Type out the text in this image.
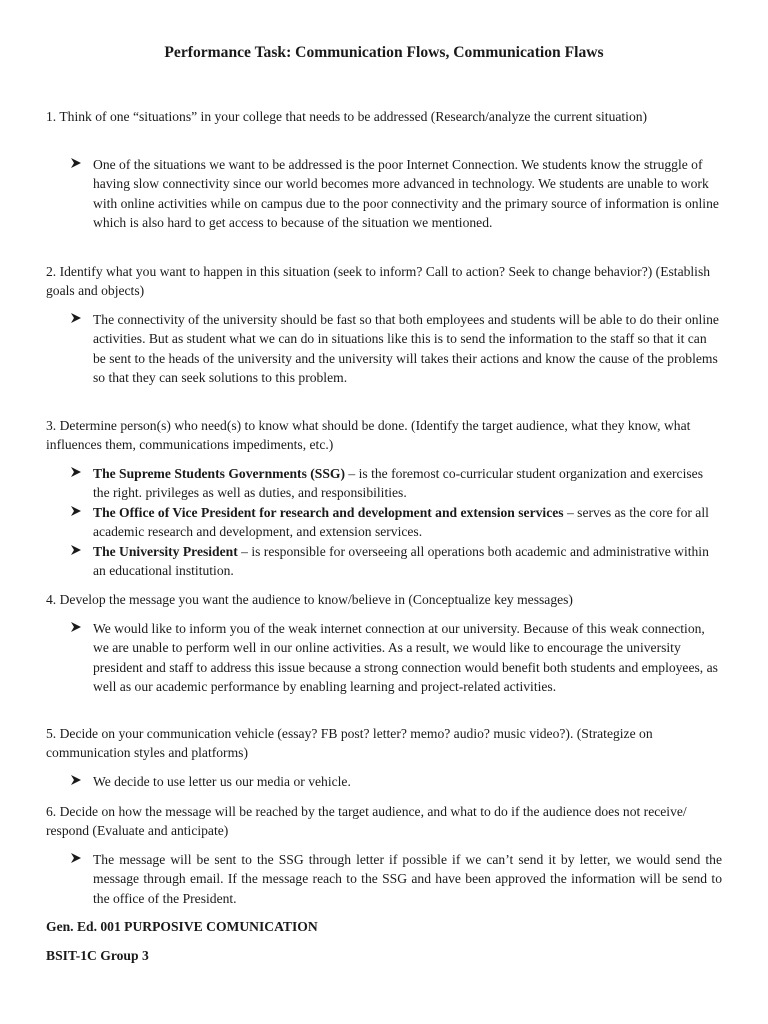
Performance Task: Communication Flows, Communication Flaws

1. Think of one “situations” in your college that needs to be addressed (Research/analyze the current situation)

One of the situations we want to be addressed is the poor Internet Connection. We students know the struggle of having slow connectivity since our world becomes more advanced in technology. We students are unable to work with online activities while on campus due to the poor connectivity and the primary source of information is online which is also hard to get access to because of the situation we mentioned.

2. Identify what you want to happen in this situation (seek to inform? Call to action? Seek to change behavior?) (Establish goals and objects)

The connectivity of the university should be fast so that both employees and students will be able to do their online activities. But as student what we can do in situations like this is to send the information to the staff so that it can be sent to the heads of the university and the university will takes their actions and know the cause of the problems so that they can seek solutions to this problem.

3. Determine person(s) who need(s) to know what should be done. (Identify the target audience, what they know, what influences them, communications impediments, etc.)

The Supreme Students Governments (SSG) – is the foremost co-curricular student organization and exercises the right. privileges as well as duties, and responsibilities.
The Office of Vice President for research and development and extension services – serves as the core for all academic research and development, and extension services.
The University President – is responsible for overseeing all operations both academic and administrative within an educational institution.

4. Develop the message you want the audience to know/believe in (Conceptualize key messages)

We would like to inform you of the weak internet connection at our university. Because of this weak connection, we are unable to perform well in our online activities. As a result, we would like to encourage the university president and staff to address this issue because a strong connection would benefit both students and employees, as well as our academic performance by enabling learning and project-related activities.

5. Decide on your communication vehicle (essay? FB post? letter? memo? audio? music video?). (Strategize on communication styles and platforms)

We decide to use letter us our media or vehicle.

6. Decide on how the message will be reached by the target audience, and what to do if the audience does not receive/ respond (Evaluate and anticipate)

The message will be sent to the SSG through letter if possible if we can’t send it by letter, we would send the message through email. If the message reach to the SSG and have been approved the information will be send to the office of the President.

Gen. Ed. 001 PURPOSIVE COMUNICATION

BSIT-1C Group 3
